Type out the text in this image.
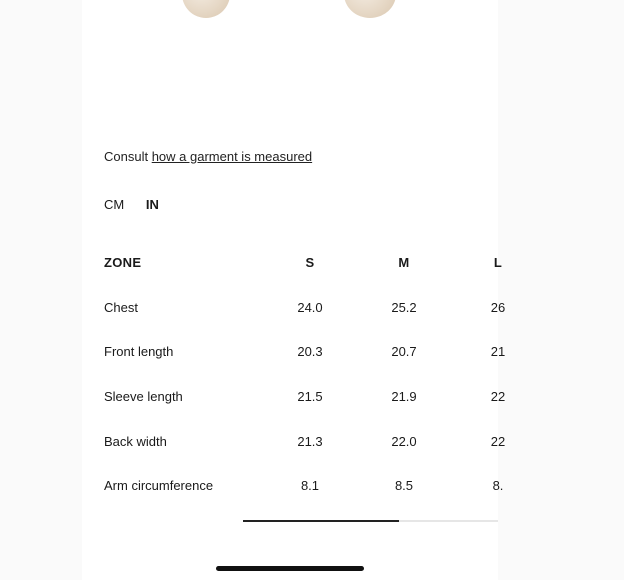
Consult how a garment is measured
CM IN
ZONE	S	M	L
Chest	24.0	25.2	26
Front length	20.3	20.7	21
Sleeve length	21.5	21.9	22
Back width	21.3	22.0	22
Arm circumference	8.1	8.5	8.
